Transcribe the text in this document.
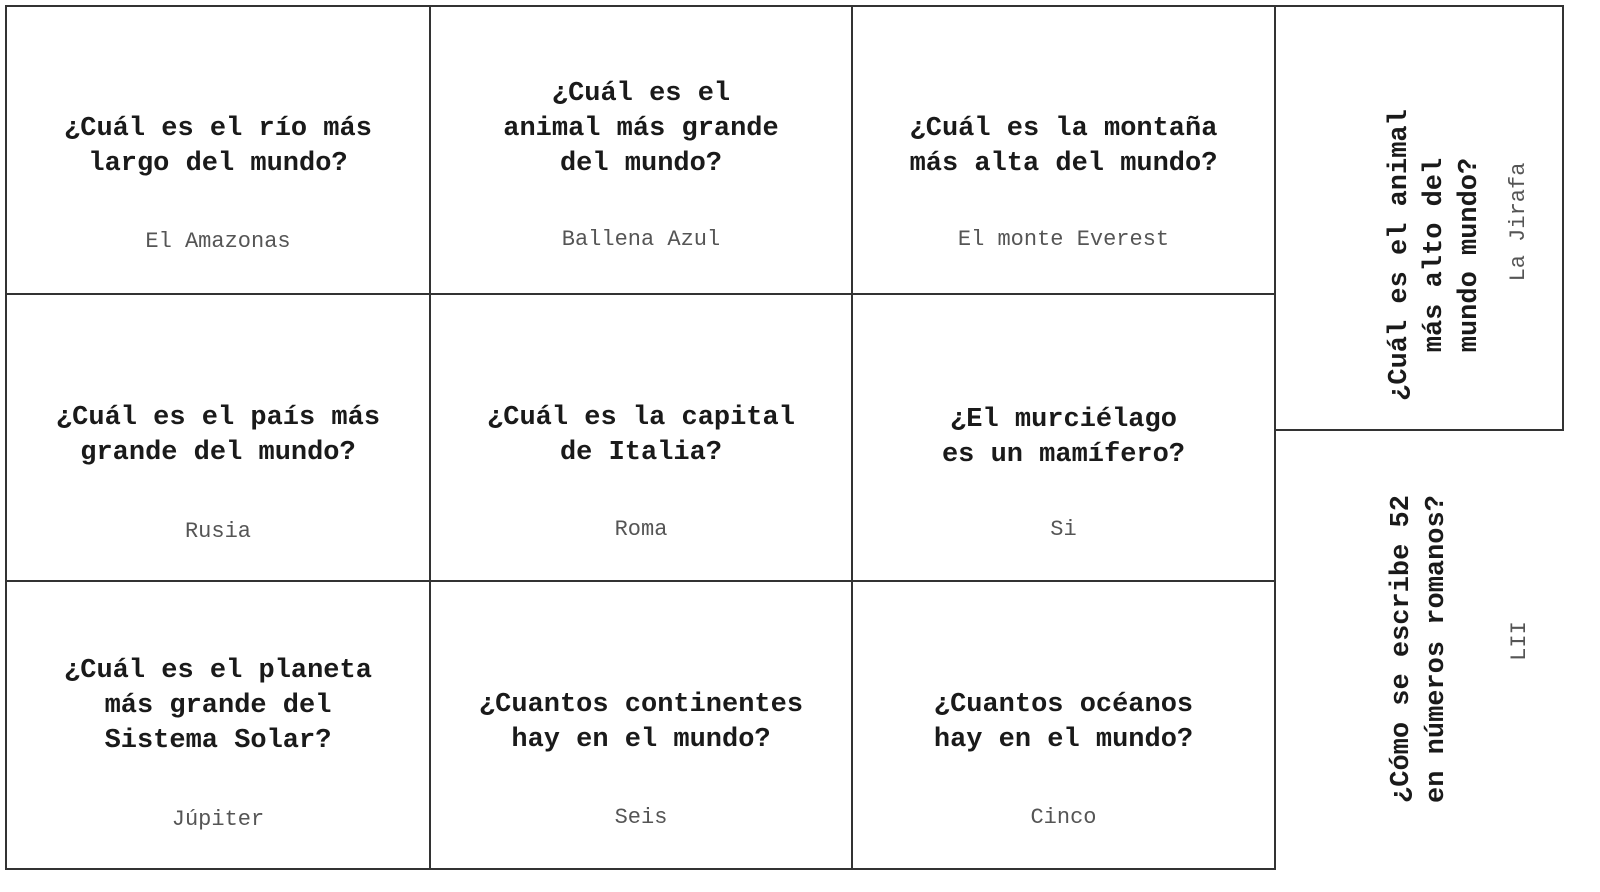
¿Cuál es el río más
largo del mundo?
El Amazonas
¿Cuál es el
animal más grande
del mundo?
Ballena Azul
¿Cuál es la montaña
más alta del mundo?
El monte Everest
¿Cuál es el país más
grande del mundo?
Rusia
¿Cuál es la capital
de Italia?
Roma
¿El murciélago
es un mamífero?
Si
¿Cuál es el planeta
más grande del
Sistema Solar?
Júpiter
¿Cuantos continentes
hay en el mundo?
Seis
¿Cuantos océanos
hay en el mundo?
Cinco
¿Cuál es el animal
más alto del
mundo mundo? La Jirafa
¿Cómo se escribe 52
en números romanos?
LII
